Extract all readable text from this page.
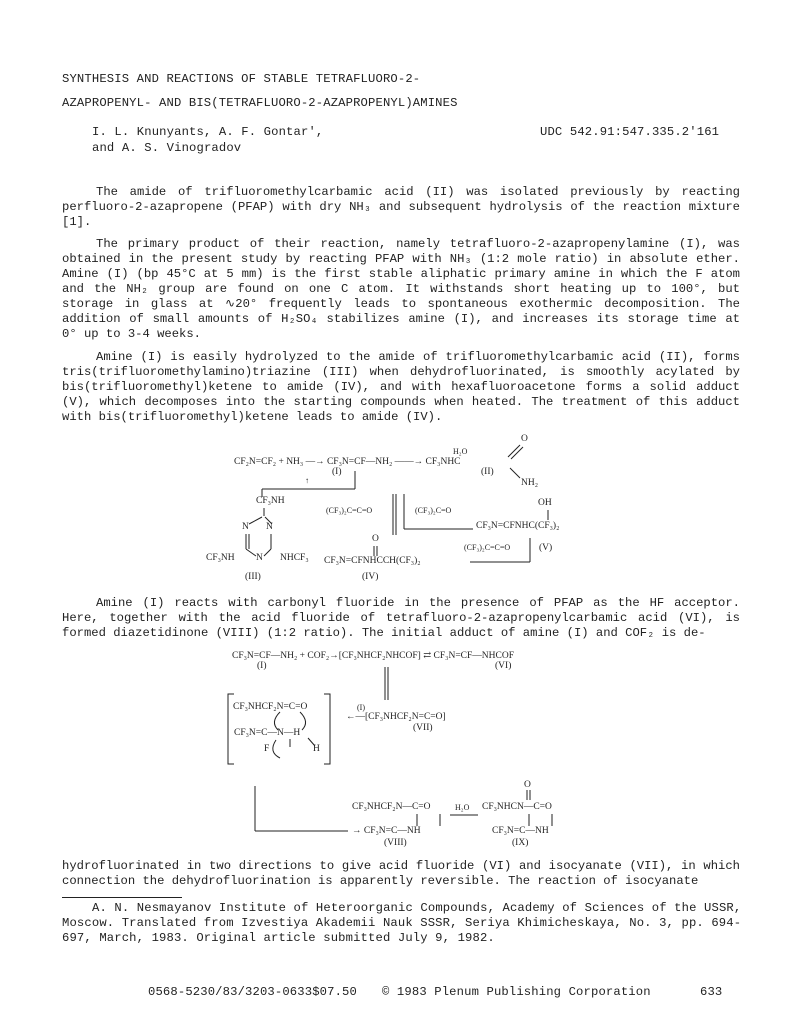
SYNTHESIS AND REACTIONS OF STABLE TETRAFLUORO-2-
AZAPROPENYL- AND BIS(TETRAFLUORO-2-AZAPROPENYL)AMINES
I. L. Knunyants, A. F. Gontar',
and A. S. Vinogradov
UDC 542.91:547.335.2'161
The amide of trifluoromethylcarbamic acid (II) was isolated previously by reacting perfluoro-2-azapropene (PFAP) with dry NH₃ and subsequent hydrolysis of the reaction mixture [1].
The primary product of their reaction, namely tetrafluoro-2-azapropenylamine (I), was obtained in the present study by reacting PFAP with NH₃ (1:2 mole ratio) in absolute ether. Amine (I) (bp 45°C at 5 mm) is the first stable aliphatic primary amine in which the F atom and the NH₂ group are found on one C atom. It withstands short heating up to 100°, but storage in glass at ∿20° frequently leads to spontaneous exothermic decomposition. The addition of small amounts of H₂SO₄ stabilizes amine (I), and increases its storage time at 0° up to 3-4 weeks.
Amine (I) is easily hydrolyzed to the amide of trifluoromethylcarbamic acid (II), forms tris(trifluoromethylamino)triazine (III) when dehydrofluorinated, is smoothly acylated by bis(trifluoromethyl)ketene to amide (IV), and with hexafluoroacetone forms a solid adduct (V), which decomposes into the starting compounds when heated. The treatment of this adduct with bis(trifluoromethyl)ketene leads to amide (IV).
O
H₂O
CF₂N=CF₂ + NH₃ —→ CF₃N=CF—NH₂ ——→ CF₃NHC
(I)	(II)
NH₂
↑
CF₃NH
N N
N
CF₃NH	NHCF₃
(CF₃)₂C=C=O	(CF₃)₂C=O
OH
CF₃N=CFNHC(CF₃)₂
O
(CF₃)₂C=C=O	(V)
CF₃N=CFNHCCH(CF₃)₂
(III)	(IV)
Amine (I) reacts with carbonyl fluoride in the presence of PFAP as the HF acceptor. Here, together with the acid fluoride of tetrafluoro-2-azapropenylcarbamic acid (VI), is formed diazetidinone (VIII) (1:2 ratio). The initial adduct of amine (I) and COF₂ is de-
CF₃N=CF—NH₂ + COF₂→[CF₃NHCF₂NHCOF] ⇄ CF₃N=CF—NHCOF
(I)	(VI)
CF₃NHCF₂N=C=O
CF₃N=C—N—H
F	H
(I)
←—[CF₃NHCF₂N=C=O]
(VII)
O
CF₃NHCF₂N—C=O	H₂O CF₃NHCN—C=O
→ CF₃N=C—NH	CF₃N=C—NH
(VIII)	(IX)
hydrofluorinated in two directions to give acid fluoride (VI) and isocyanate (VII), in which connection the dehydrofluorination is apparently reversible. The reaction of isocyanate
A. N. Nesmayanov Institute of Heteroorganic Compounds, Academy of Sciences of the USSR,
Moscow. Translated from Izvestiya Akademii Nauk SSSR, Seriya Khimicheskaya, No. 3, pp. 694-
697, March, 1983. Original article submitted July 9, 1982.
0568-5230/83/3203-0633$07.50 © 1983 Plenum Publishing Corporation	633
